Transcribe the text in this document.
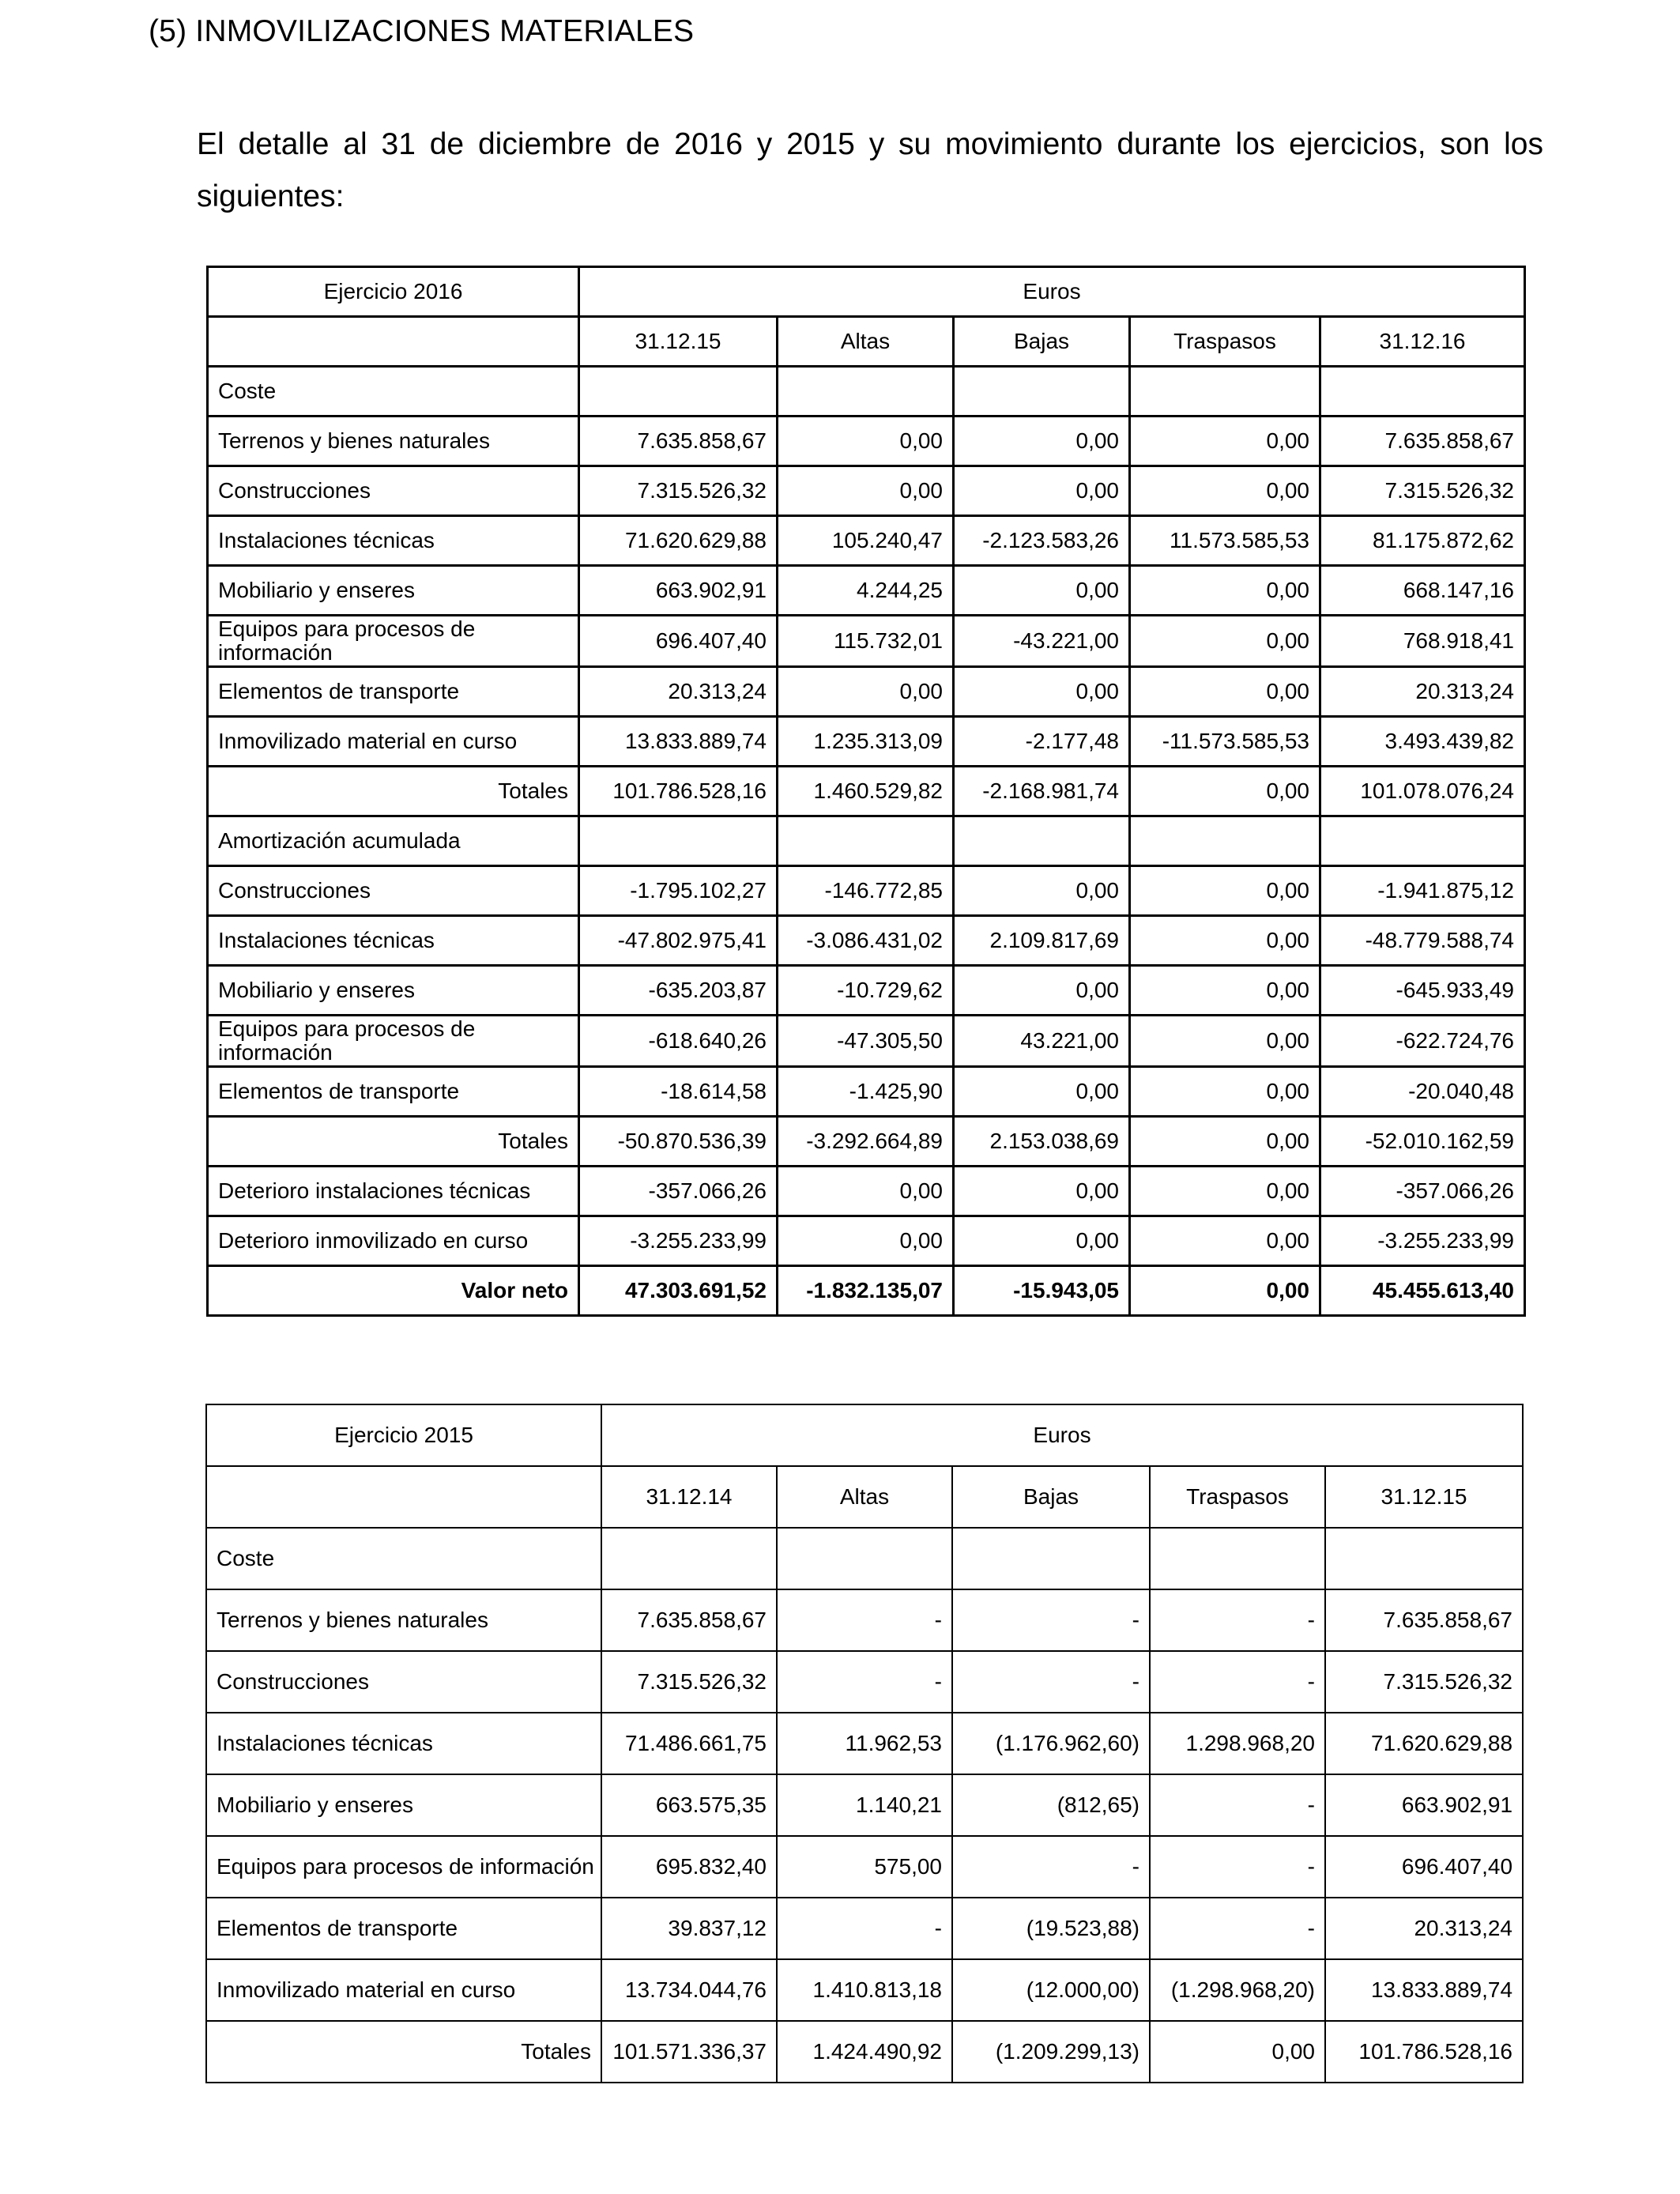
(5) INMOVILIZACIONES MATERIALES
El detalle al 31 de diciembre de 2016 y 2015 y su movimiento durante los ejercicios, son los siguientes:
Ejercicio 2016	Euros				
	31.12.15	Altas	Bajas	Traspasos	31.12.16
Coste					
Terrenos y bienes naturales	7.635.858,67	0,00	0,00	0,00	7.635.858,67
Construcciones	7.315.526,32	0,00	0,00	0,00	7.315.526,32
Instalaciones técnicas	71.620.629,88	105.240,47	-2.123.583,26	11.573.585,53	81.175.872,62
Mobiliario y enseres	663.902,91	4.244,25	0,00	0,00	668.147,16
Equipos para procesos de información	696.407,40	115.732,01	-43.221,00	0,00	768.918,41
Elementos de transporte	20.313,24	0,00	0,00	0,00	20.313,24
Inmovilizado material en curso	13.833.889,74	1.235.313,09	-2.177,48	-11.573.585,53	3.493.439,82
Totales	101.786.528,16	1.460.529,82	-2.168.981,74	0,00	101.078.076,24
Amortización acumulada					
Construcciones	-1.795.102,27	-146.772,85	0,00	0,00	-1.941.875,12
Instalaciones técnicas	-47.802.975,41	-3.086.431,02	2.109.817,69	0,00	-48.779.588,74
Mobiliario y enseres	-635.203,87	-10.729,62	0,00	0,00	-645.933,49
Equipos para procesos de información	-618.640,26	-47.305,50	43.221,00	0,00	-622.724,76
Elementos de transporte	-18.614,58	-1.425,90	0,00	0,00	-20.040,48
Totales	-50.870.536,39	-3.292.664,89	2.153.038,69	0,00	-52.010.162,59
Deterioro instalaciones técnicas	-357.066,26	0,00	0,00	0,00	-357.066,26
Deterioro inmovilizado en curso	-3.255.233,99	0,00	0,00	0,00	-3.255.233,99
Valor neto	47.303.691,52	-1.832.135,07	-15.943,05	0,00	45.455.613,40
Ejercicio 2015	Euros				
	31.12.14	Altas	Bajas	Traspasos	31.12.15
Coste					
Terrenos y bienes naturales	7.635.858,67	-	-	-	7.635.858,67
Construcciones	7.315.526,32	-	-	-	7.315.526,32
Instalaciones técnicas	71.486.661,75	11.962,53	(1.176.962,60)	1.298.968,20	71.620.629,88
Mobiliario y enseres	663.575,35	1.140,21	(812,65)	-	663.902,91
Equipos para procesos de información	695.832,40	575,00	-	-	696.407,40
Elementos de transporte	39.837,12	-	(19.523,88)	-	20.313,24
Inmovilizado material en curso	13.734.044,76	1.410.813,18	(12.000,00)	(1.298.968,20)	13.833.889,74
Totales	101.571.336,37	1.424.490,92	(1.209.299,13)	0,00	101.786.528,16
